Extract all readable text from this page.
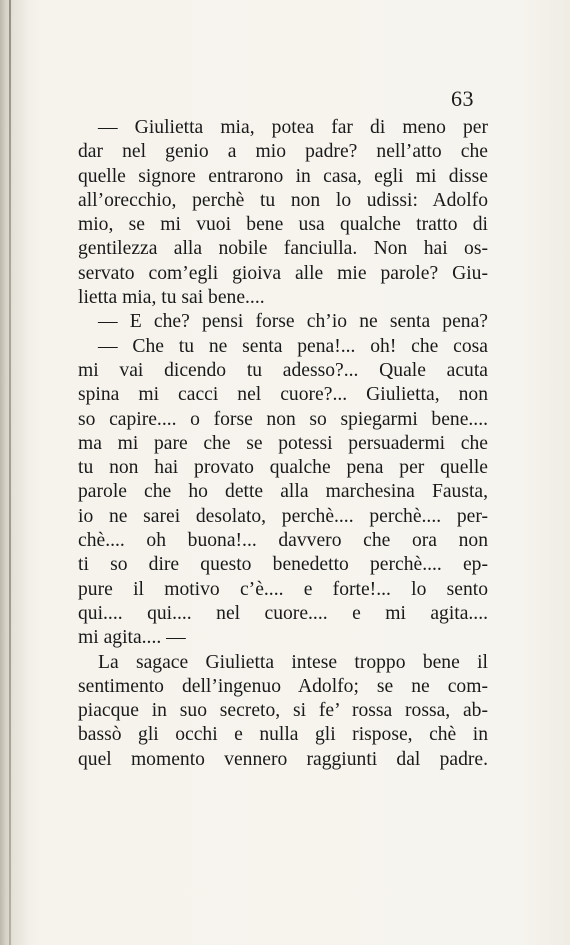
63
— Giulietta mia, potea far di meno per
dar nel genio a mio padre? nell’atto che
quelle signore entrarono in casa, egli mi disse
all’orecchio, perchè tu non lo udissi: Adolfo
mio, se mi vuoi bene usa qualche tratto di
gentilezza alla nobile fanciulla. Non hai os-
servato com’egli gioiva alle mie parole? Giu-
lietta mia, tu sai bene....
— E che? pensi forse ch’io ne senta pena?
— Che tu ne senta pena!... oh! che cosa
mi vai dicendo tu adesso?... Quale acuta
spina mi cacci nel cuore?... Giulietta, non
so capire.... o forse non so spiegarmi bene....
ma mi pare che se potessi persuadermi che
tu non hai provato qualche pena per quelle
parole che ho dette alla marchesina Fausta,
io ne sarei desolato, perchè.... perchè.... per-
chè.... oh buona!... davvero che ora non
ti so dire questo benedetto perchè.... ep-
pure il motivo c’è.... e forte!... lo sento
qui.... qui.... nel cuore.... e mi agita....
mi agita.... —
La sagace Giulietta intese troppo bene il
sentimento dell’ingenuo Adolfo; se ne com-
piacque in suo secreto, si fe’ rossa rossa, ab-
bassò gli occhi e nulla gli rispose, chè in
quel momento vennero raggiunti dal padre.
